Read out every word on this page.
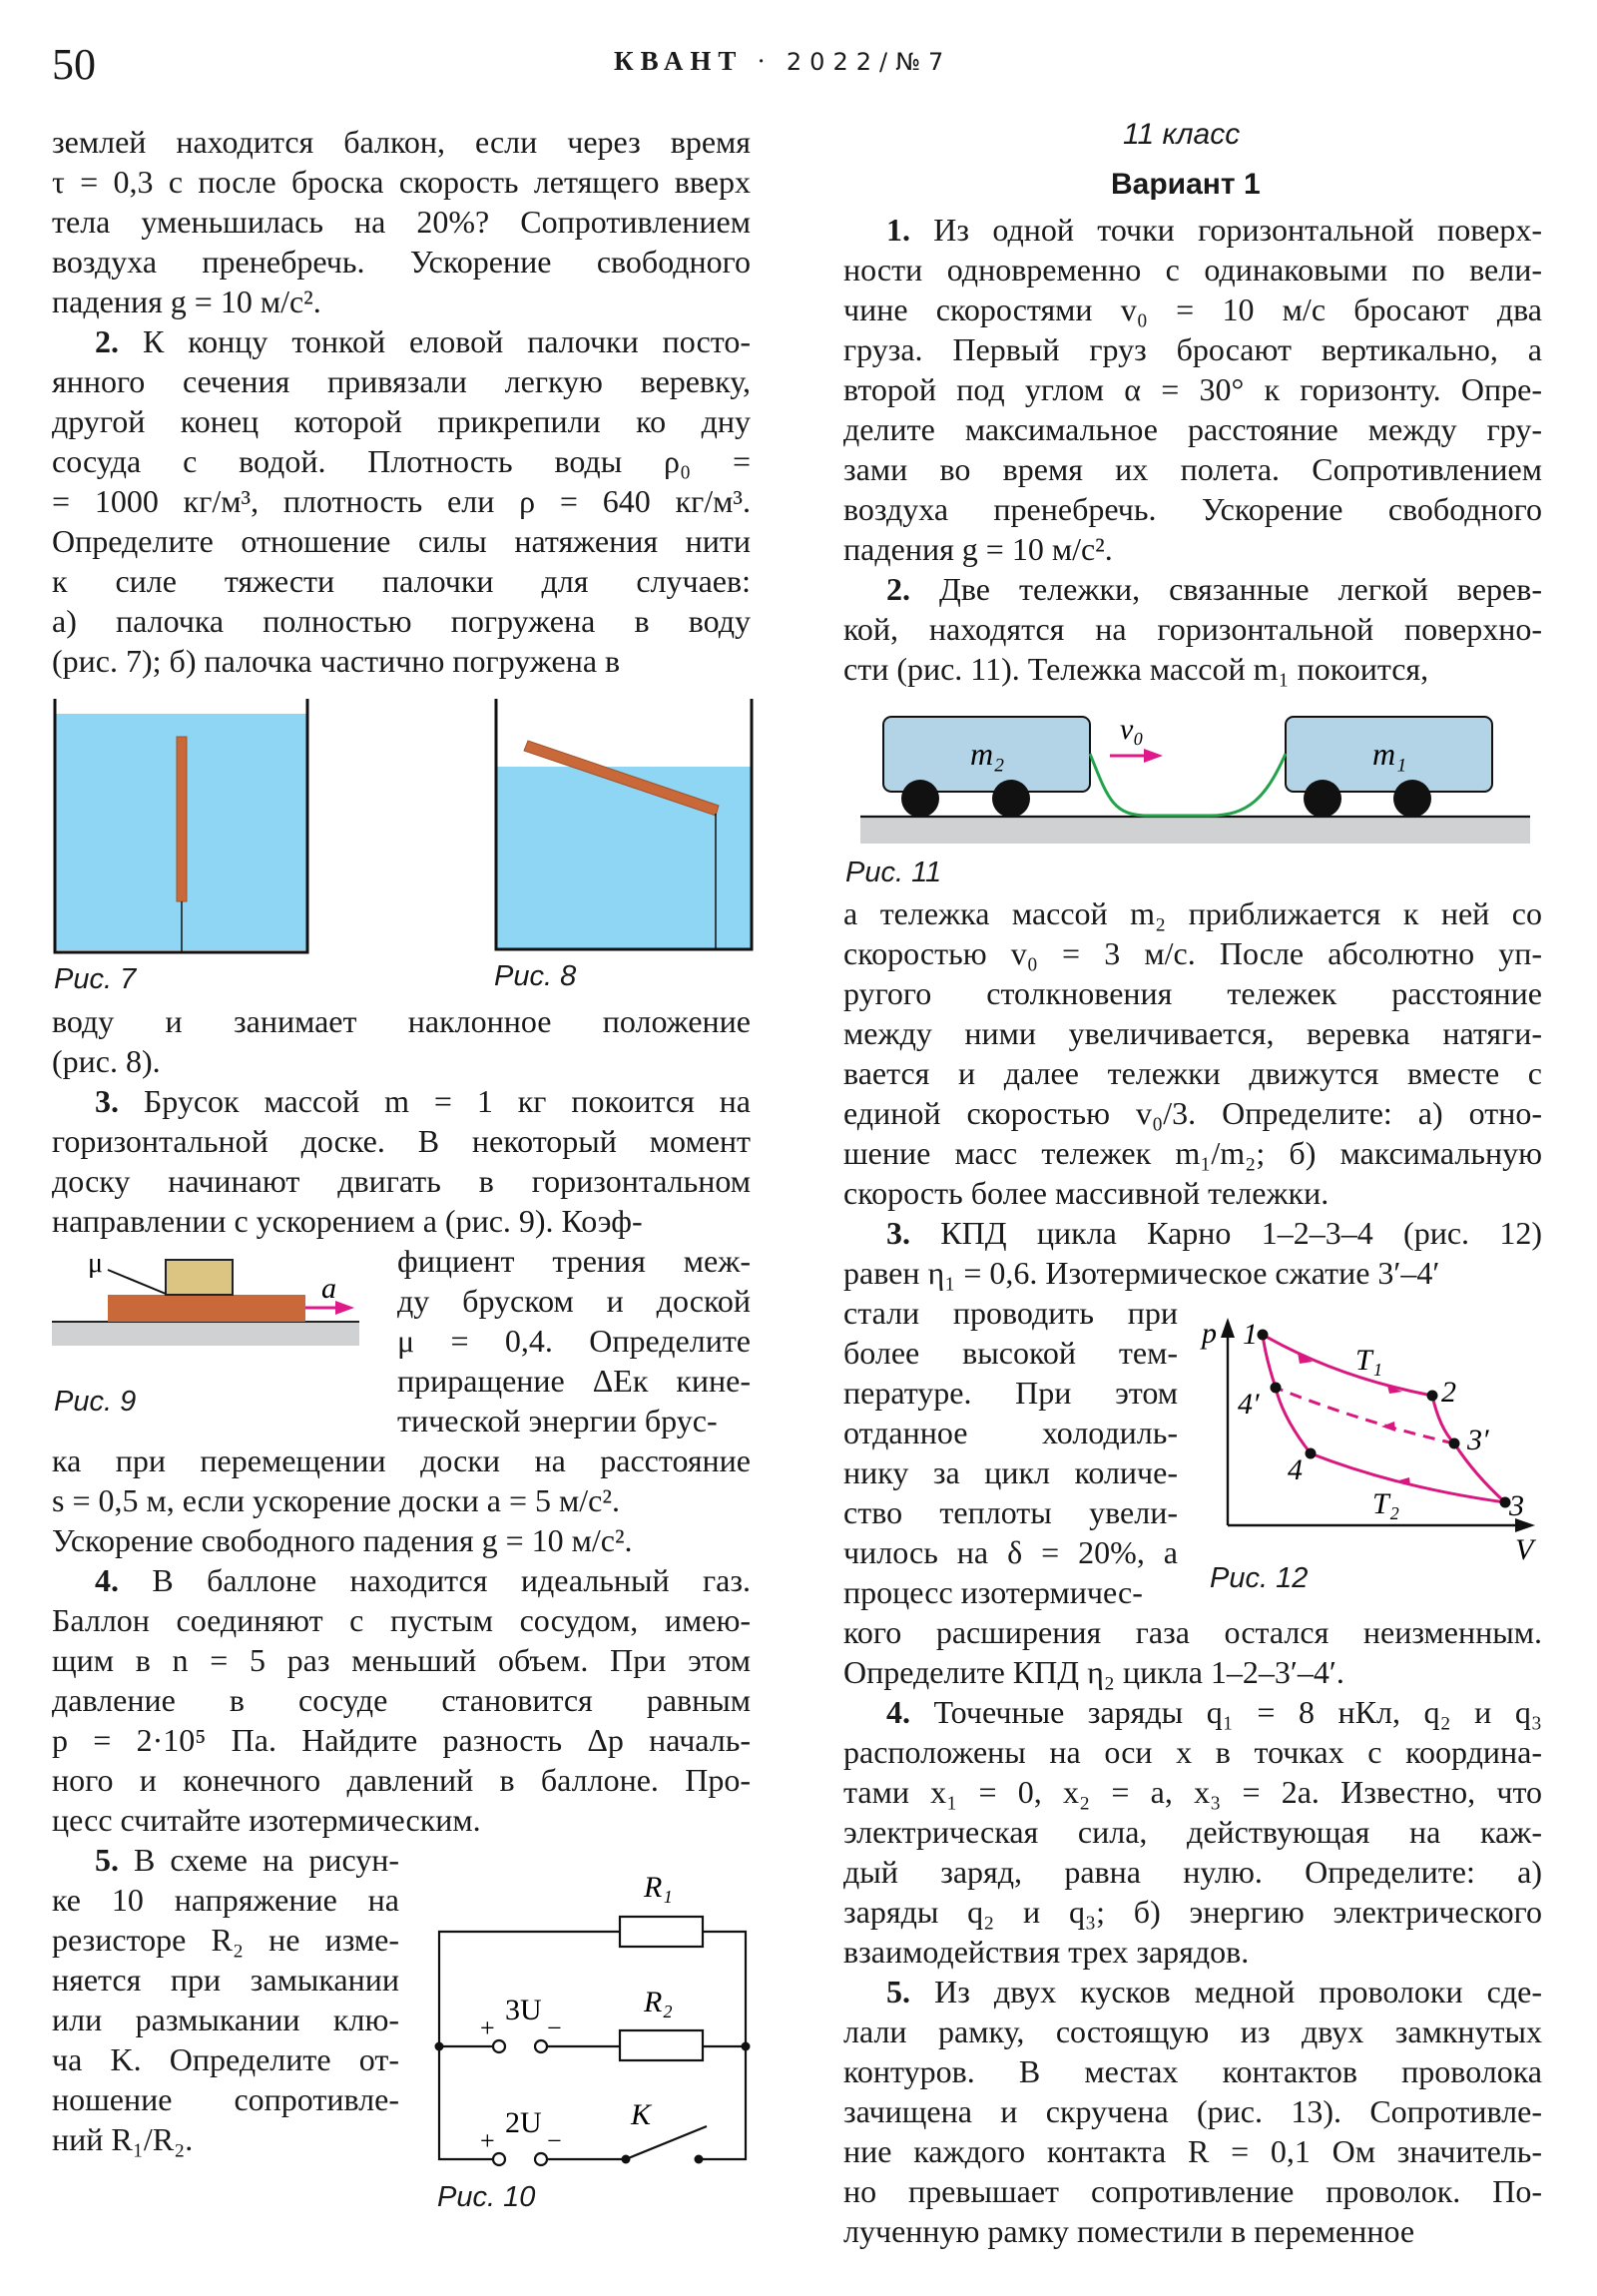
50	КВАНТ · 2022/№7
землей находится балкон, если через время
τ = 0,3 с после броска скорость летящего вверх
тела уменьшилась на 20%? Сопротивлением
воздуха пренебречь. Ускорение свободного
падения g = 10 м/с².
2. К концу тонкой еловой палочки посто-
янного сечения привязали легкую веревку,
другой конец которой прикрепили ко дну
сосуда с водой. Плотность воды ρ₀ =
= 1000 кг/м³, плотность ели ρ = 640 кг/м³.
Определите отношение силы натяжения нити
к силе тяжести палочки для случаев:
а) палочка полностью погружена в воду
(рис. 7); б) палочка частично погружена в
Рис. 7	Рис. 8
воду и занимает наклонное положение
(рис. 8).
3. Брусок массой m = 1 кг покоится на
горизонтальной доске. В некоторый момент
доску начинают двигать в горизонтальном
направлении с ускорением a (рис. 9). Коэф-
μ
a
Рис. 9
фициент трения меж-
ду бруском и доской
μ = 0,4. Определите
приращение ΔEк кине-
тической энергии брус-
ка при перемещении доски на расстояние
s = 0,5 м, если ускорение доски a = 5 м/с².
Ускорение свободного падения g = 10 м/с².
4. В баллоне находится идеальный газ.
Баллон соединяют с пустым сосудом, имею-
щим в n = 5 раз меньший объем. При этом
давление в сосуде становится равным
p = 2·10⁵ Па. Найдите разность Δp началь-
ного и конечного давлений в баллоне. Про-
цесс считайте изотермическим.
5. В схеме на рисун-
ке 10 напряжение на
резисторе R₂ не изме-
няется при замыкании
или размыкании клю-
ча K. Определите от-
ношение сопротивле-
ний R₁/R₂.
R₁
R₂
3U
2U	K
+ −
+ −
Рис. 10
11 класс
Вариант 1
1. Из одной точки горизонтальной поверх-
ности одновременно с одинаковыми по вели-
чине скоростями v₀ = 10 м/с бросают два
груза. Первый груз бросают вертикально, а
второй под углом α = 30° к горизонту. Опре-
делите максимальное расстояние между гру-
зами во время их полета. Сопротивлением
воздуха пренебречь. Ускорение свободного
падения g = 10 м/с².
2. Две тележки, связанные легкой верев-
кой, находятся на горизонтальной поверхно-
сти (рис. 11). Тележка массой m₁ покоится,
m₂	m₁
v₀
Рис. 11
а тележка массой m₂ приближается к ней со
скоростью v₀ = 3 м/с. После абсолютно уп-
ругого столкновения тележек расстояние
между ними увеличивается, веревка натяги-
вается и далее тележки движутся вместе с
единой скоростью v₀/3. Определите: а) отно-
шение масс тележек m₁/m₂; б) максимальную
скорость более массивной тележки.
3. КПД цикла Карно 1–2–3–4 (рис. 12)
равен η₁ = 0,6. Изотермическое сжатие 3′–4′
стали проводить при
более высокой тем-
пературе. При этом
отданное холодиль-
нику за цикл количе-
ство теплоты увели-
чилось на δ = 20%, а
процесс изотермичес-
p
V
T₁
T₂
1
2
3
4
3′
4′
Рис. 12
кого расширения газа остался неизменным.
Определите КПД η₂ цикла 1–2–3′–4′.
4. Точечные заряды q₁ = 8 нКл, q₂ и q₃
расположены на оси x в точках с координа-
тами x₁ = 0, x₂ = a, x₃ = 2a. Известно, что
электрическая сила, действующая на каж-
дый заряд, равна нулю. Определите: а)
заряды q₂ и q₃; б) энергию электрического
взаимодействия трех зарядов.
5. Из двух кусков медной проволоки сде-
лали рамку, состоящую из двух замкнутых
контуров. В местах контактов проволока
зачищена и скручена (рис. 13). Сопротивле-
ние каждого контакта R = 0,1 Ом значитель-
но превышает сопротивление проволок. По-
лученную рамку поместили в переменное
